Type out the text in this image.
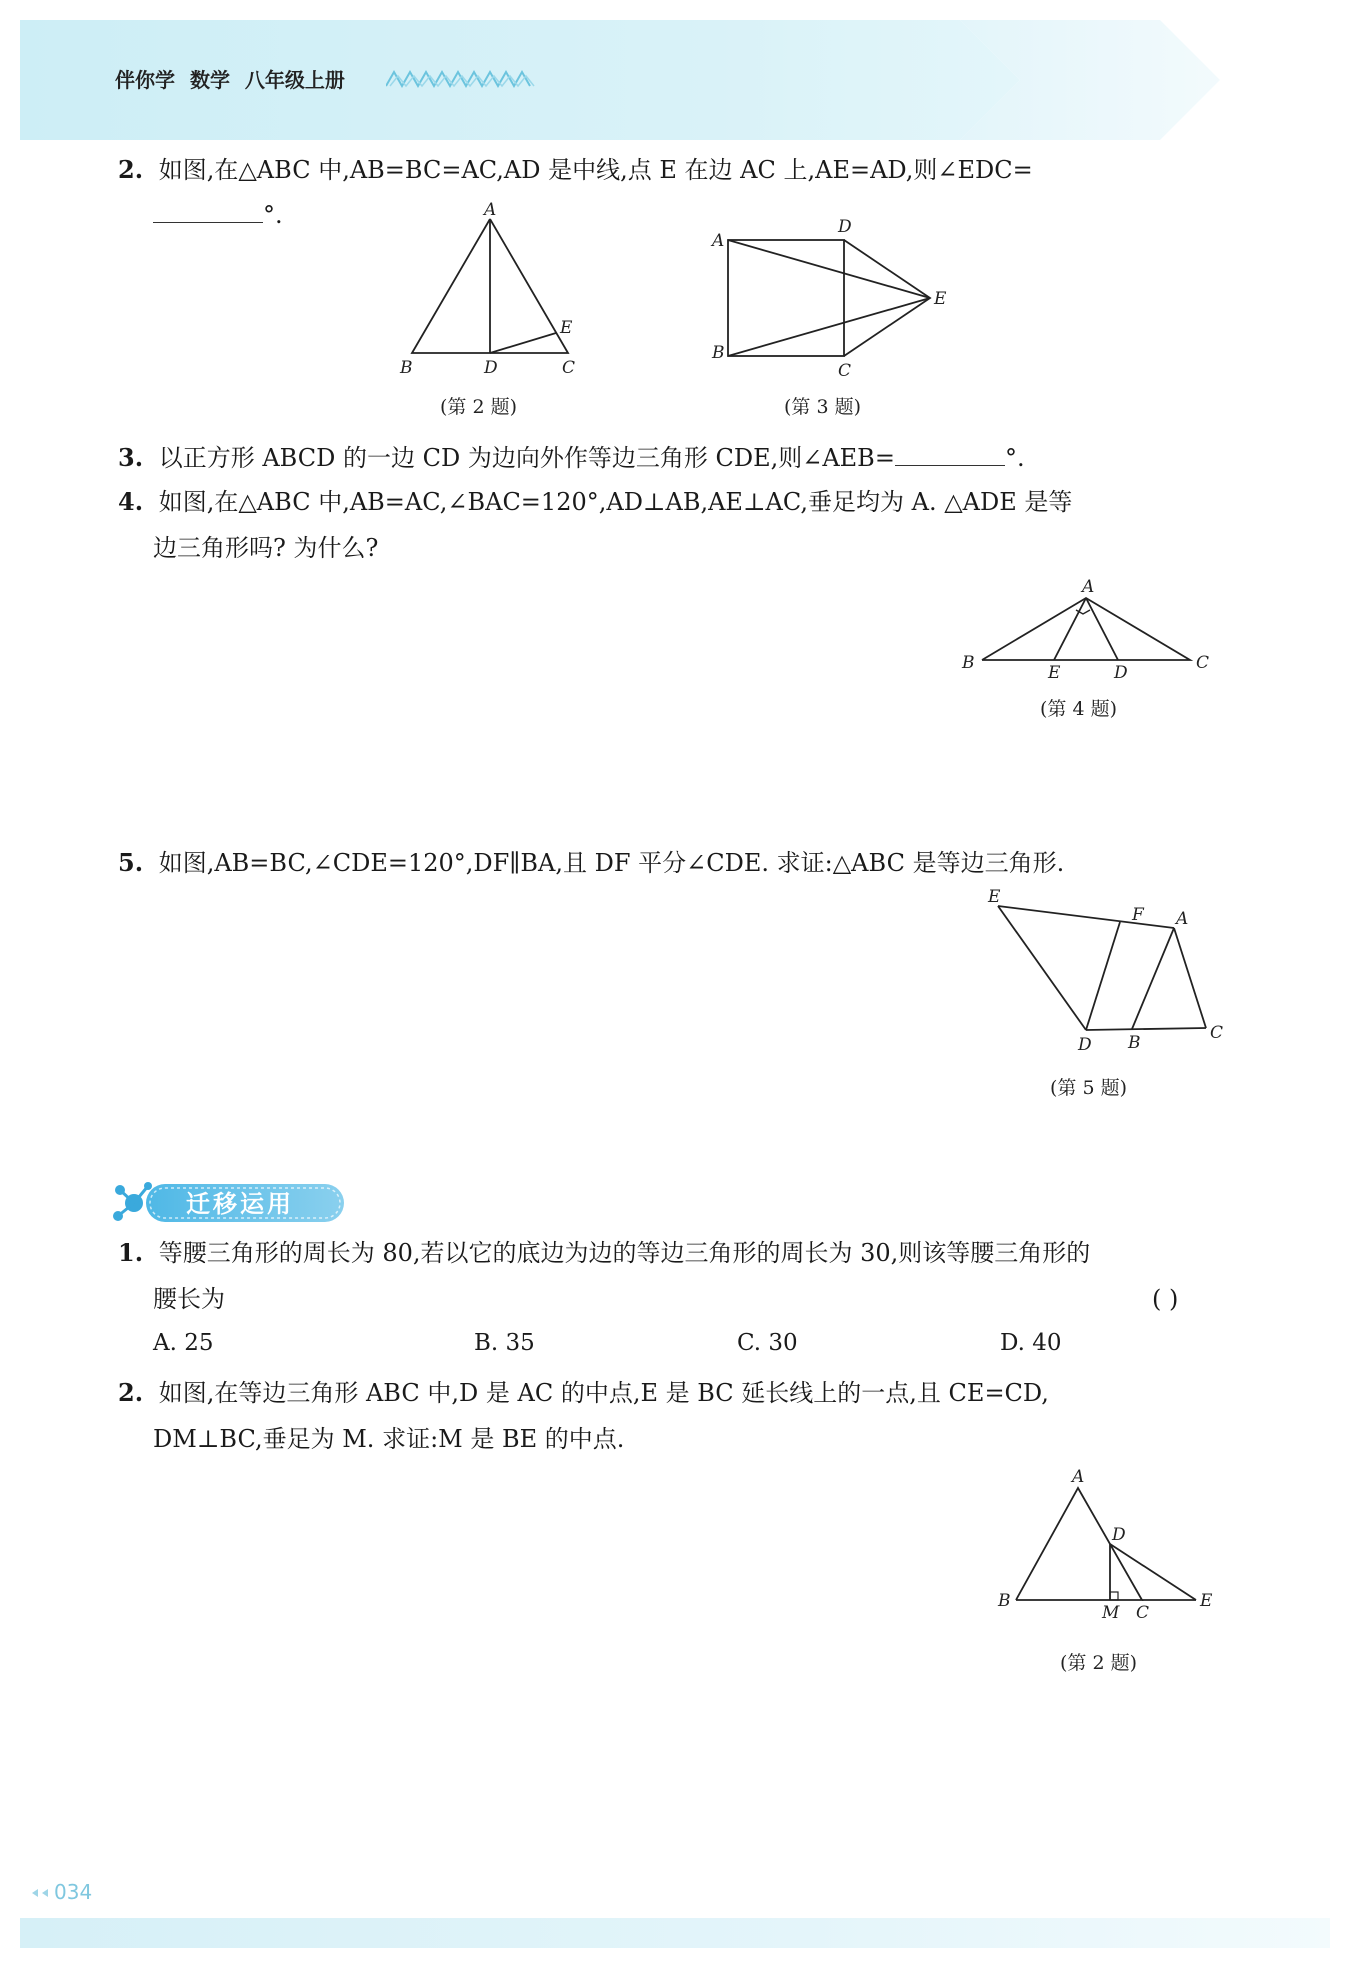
伴你学 数学 八年级上册
2. 如图,在△ABC 中,AB=BC=AC,AD 是中线,点 E 在边 AC 上,AE=AD,则∠EDC=
°.	A
B	D	C
E
(第 2 题)
A
D
E
B
C
(第 3 题)
3. 以正方形 ABCD 的一边 CD 为边向外作等边三角形 CDE,则∠AEB=	°.
4. 如图,在△ABC 中,AB=AC,∠BAC=120°,AD⊥AB,AE⊥AC,垂足均为 A. △ADE 是等
边三角形吗? 为什么?
A
B	E	D	C
(第 4 题)
5. 如图,AB=BC,∠CDE=120°,DF∥BA,且 DF 平分∠CDE. 求证:△ABC 是等边三角形.
E
F A
D B	C
(第 5 题)
迁移运用
1. 等腰三角形的周长为 80,若以它的底边为边的等边三角形的周长为 30,则该等腰三角形的
腰长为	( )
A. 25	B. 35	C. 30	D. 40
2. 如图,在等边三角形 ABC 中,D 是 AC 的中点,E 是 BC 延长线上的一点,且 CE=CD,
DM⊥BC,垂足为 M. 求证:M 是 BE 的中点.
A
D
B
M C
E
(第 2 题)
034
